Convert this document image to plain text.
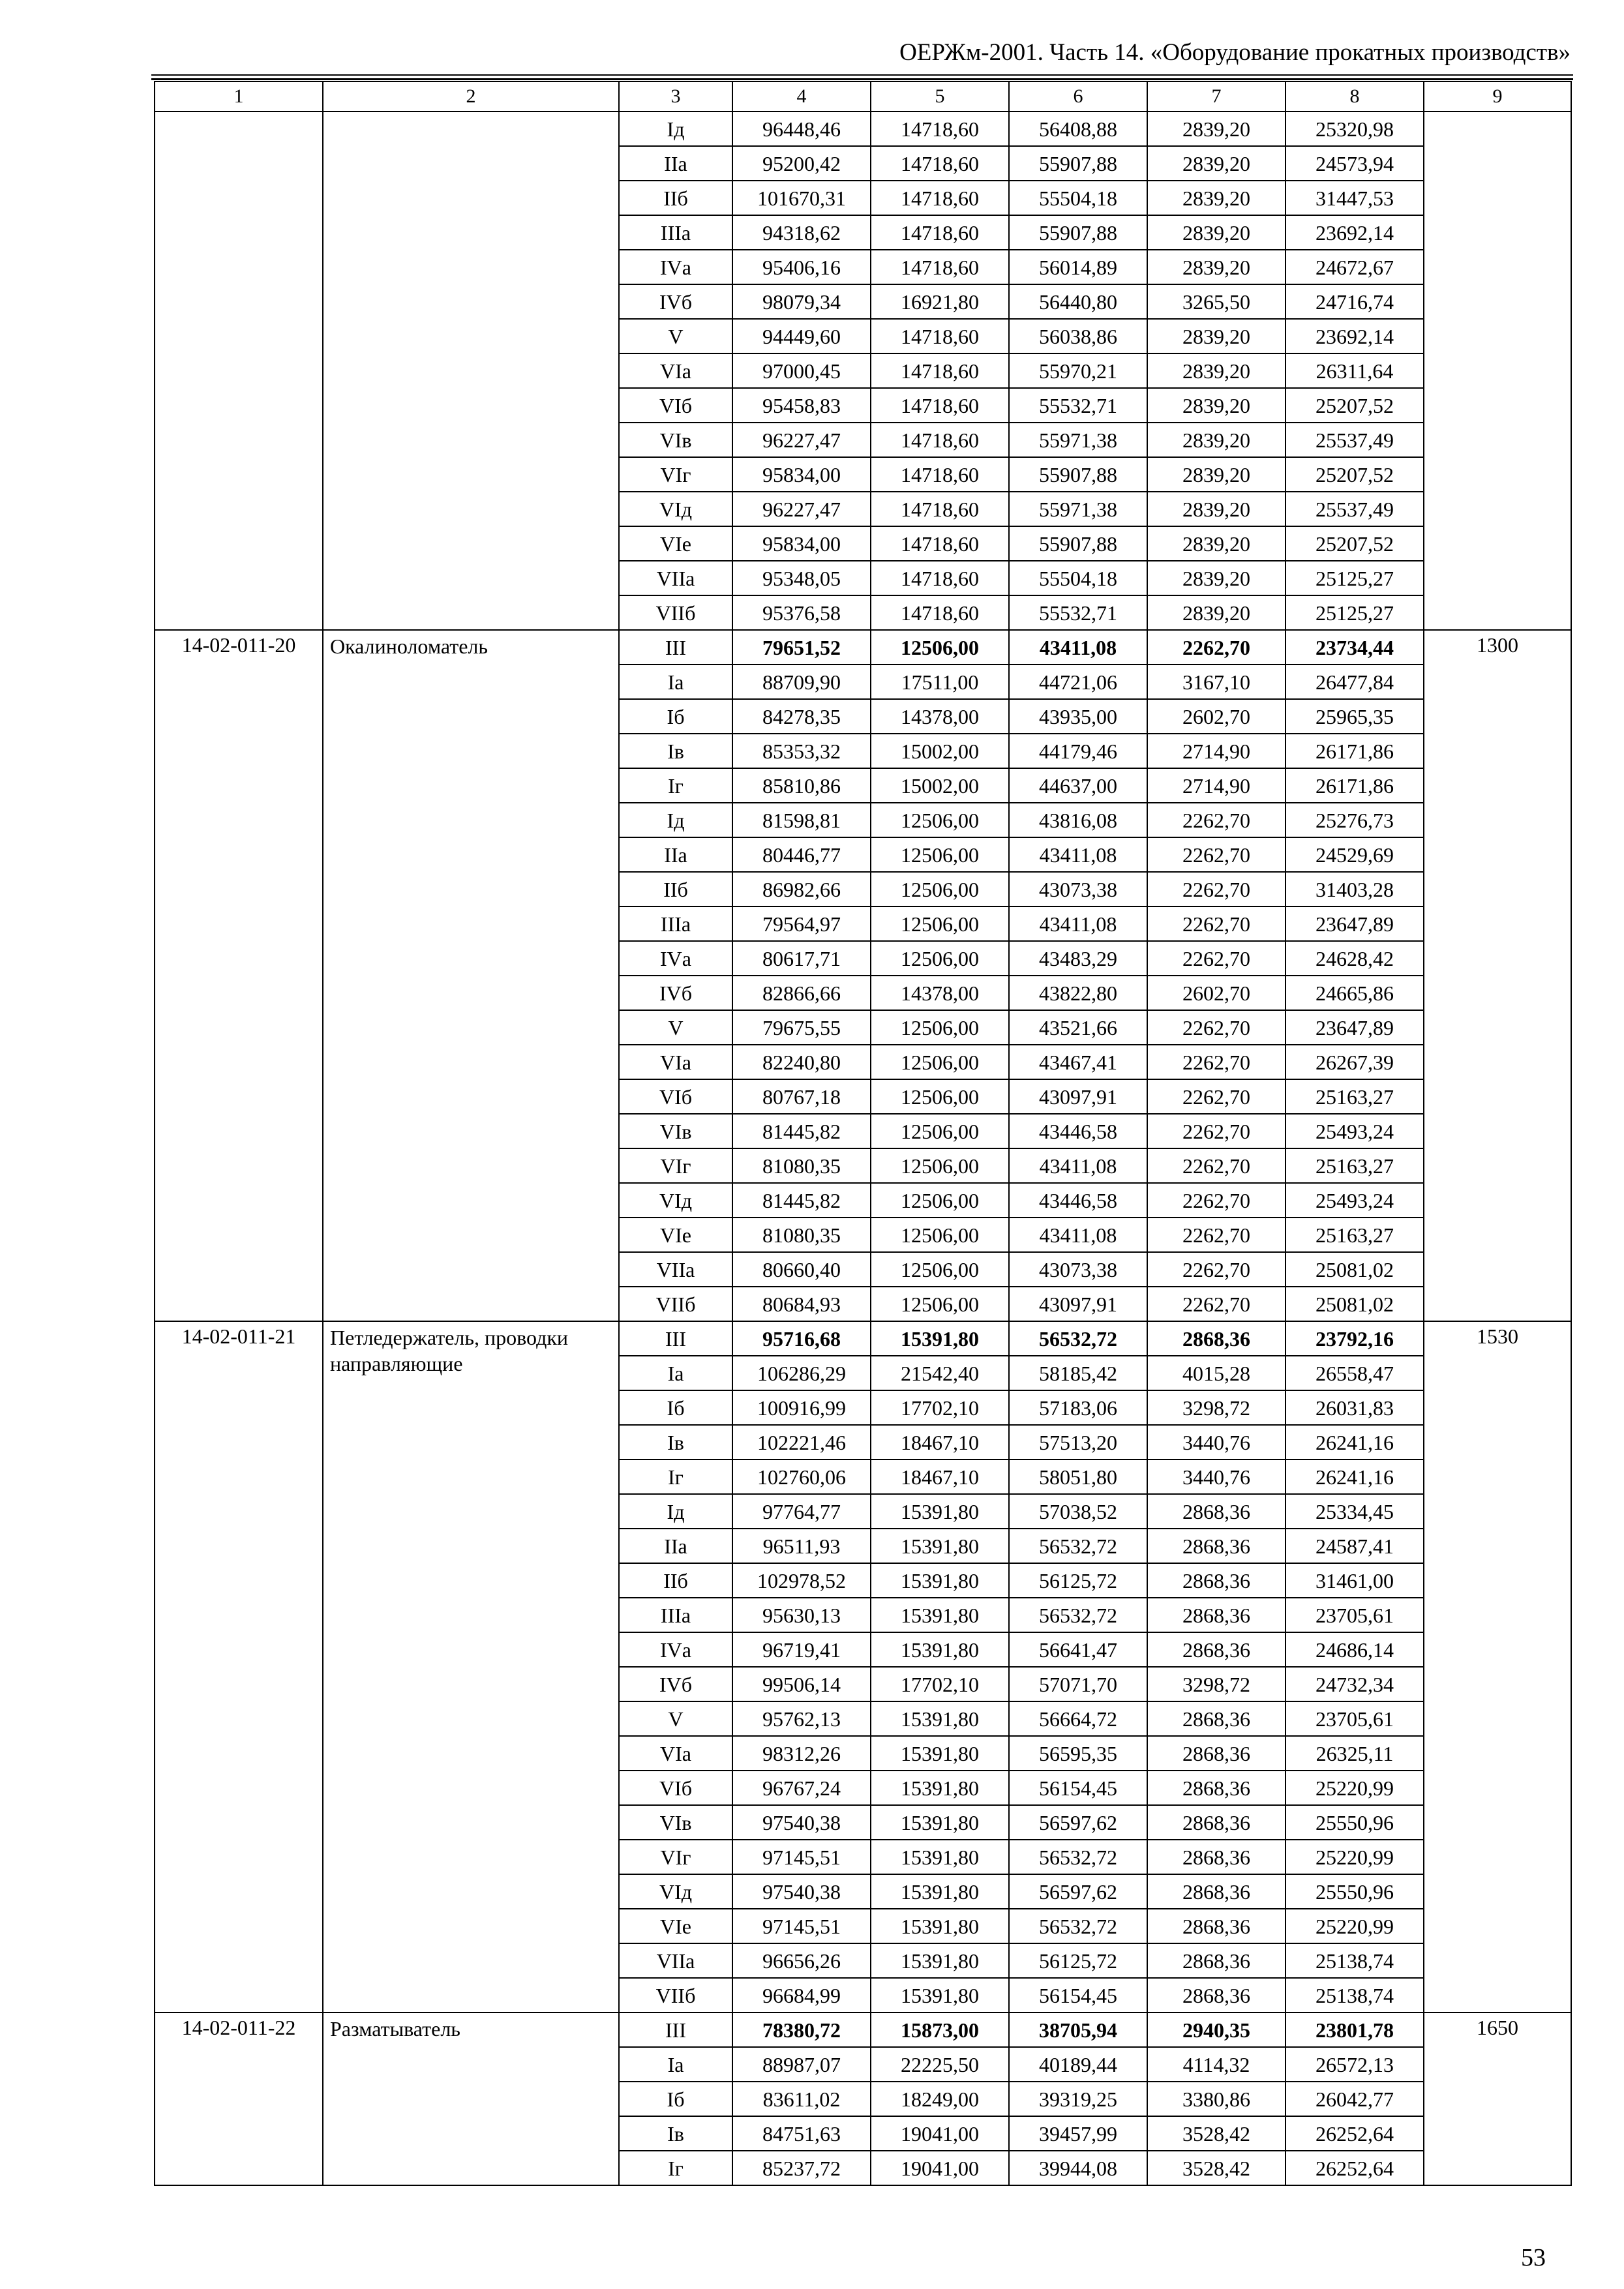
ОЕРЖм-2001. Часть 14. «Оборудование прокатных производств»
1	2	3	4	5	6	7	8	9
		Iд	96448,46	14718,60	56408,88	2839,20	25320,98	
		IIа	95200,42	14718,60	55907,88	2839,20	24573,94	
		IIб	101670,31	14718,60	55504,18	2839,20	31447,53	
		IIIа	94318,62	14718,60	55907,88	2839,20	23692,14	
		IVа	95406,16	14718,60	56014,89	2839,20	24672,67	
		IVб	98079,34	16921,80	56440,80	3265,50	24716,74	
		V	94449,60	14718,60	56038,86	2839,20	23692,14	
		VIа	97000,45	14718,60	55970,21	2839,20	26311,64	
		VIб	95458,83	14718,60	55532,71	2839,20	25207,52	
		VIв	96227,47	14718,60	55971,38	2839,20	25537,49	
		VIг	95834,00	14718,60	55907,88	2839,20	25207,52	
		VIд	96227,47	14718,60	55971,38	2839,20	25537,49	
		VIе	95834,00	14718,60	55907,88	2839,20	25207,52	
		VIIа	95348,05	14718,60	55504,18	2839,20	25125,27	
		VIIб	95376,58	14718,60	55532,71	2839,20	25125,27	
14-02-011-20	Окалиноломатель	III	79651,52	12506,00	43411,08	2262,70	23734,44	1300
		Iа	88709,90	17511,00	44721,06	3167,10	26477,84	
		Iб	84278,35	14378,00	43935,00	2602,70	25965,35	
		Iв	85353,32	15002,00	44179,46	2714,90	26171,86	
		Iг	85810,86	15002,00	44637,00	2714,90	26171,86	
		Iд	81598,81	12506,00	43816,08	2262,70	25276,73	
		IIа	80446,77	12506,00	43411,08	2262,70	24529,69	
		IIб	86982,66	12506,00	43073,38	2262,70	31403,28	
		IIIа	79564,97	12506,00	43411,08	2262,70	23647,89	
		IVа	80617,71	12506,00	43483,29	2262,70	24628,42	
		IVб	82866,66	14378,00	43822,80	2602,70	24665,86	
		V	79675,55	12506,00	43521,66	2262,70	23647,89	
		VIа	82240,80	12506,00	43467,41	2262,70	26267,39	
		VIб	80767,18	12506,00	43097,91	2262,70	25163,27	
		VIв	81445,82	12506,00	43446,58	2262,70	25493,24	
		VIг	81080,35	12506,00	43411,08	2262,70	25163,27	
		VIд	81445,82	12506,00	43446,58	2262,70	25493,24	
		VIе	81080,35	12506,00	43411,08	2262,70	25163,27	
		VIIа	80660,40	12506,00	43073,38	2262,70	25081,02	
		VIIб	80684,93	12506,00	43097,91	2262,70	25081,02	
14-02-011-21	Петледержатель, проводки направляющие	III	95716,68	15391,80	56532,72	2868,36	23792,16	1530
		Iа	106286,29	21542,40	58185,42	4015,28	26558,47	
		Iб	100916,99	17702,10	57183,06	3298,72	26031,83	
		Iв	102221,46	18467,10	57513,20	3440,76	26241,16	
		Iг	102760,06	18467,10	58051,80	3440,76	26241,16	
		Iд	97764,77	15391,80	57038,52	2868,36	25334,45	
		IIа	96511,93	15391,80	56532,72	2868,36	24587,41	
		IIб	102978,52	15391,80	56125,72	2868,36	31461,00	
		IIIа	95630,13	15391,80	56532,72	2868,36	23705,61	
		IVа	96719,41	15391,80	56641,47	2868,36	24686,14	
		IVб	99506,14	17702,10	57071,70	3298,72	24732,34	
		V	95762,13	15391,80	56664,72	2868,36	23705,61	
		VIа	98312,26	15391,80	56595,35	2868,36	26325,11	
		VIб	96767,24	15391,80	56154,45	2868,36	25220,99	
		VIв	97540,38	15391,80	56597,62	2868,36	25550,96	
		VIг	97145,51	15391,80	56532,72	2868,36	25220,99	
		VIд	97540,38	15391,80	56597,62	2868,36	25550,96	
		VIе	97145,51	15391,80	56532,72	2868,36	25220,99	
		VIIа	96656,26	15391,80	56125,72	2868,36	25138,74	
		VIIб	96684,99	15391,80	56154,45	2868,36	25138,74	
14-02-011-22	Разматыватель	III	78380,72	15873,00	38705,94	2940,35	23801,78	1650
		Iа	88987,07	22225,50	40189,44	4114,32	26572,13	
		Iб	83611,02	18249,00	39319,25	3380,86	26042,77	
		Iв	84751,63	19041,00	39457,99	3528,42	26252,64	
		Iг	85237,72	19041,00	39944,08	3528,42	26252,64	
53
